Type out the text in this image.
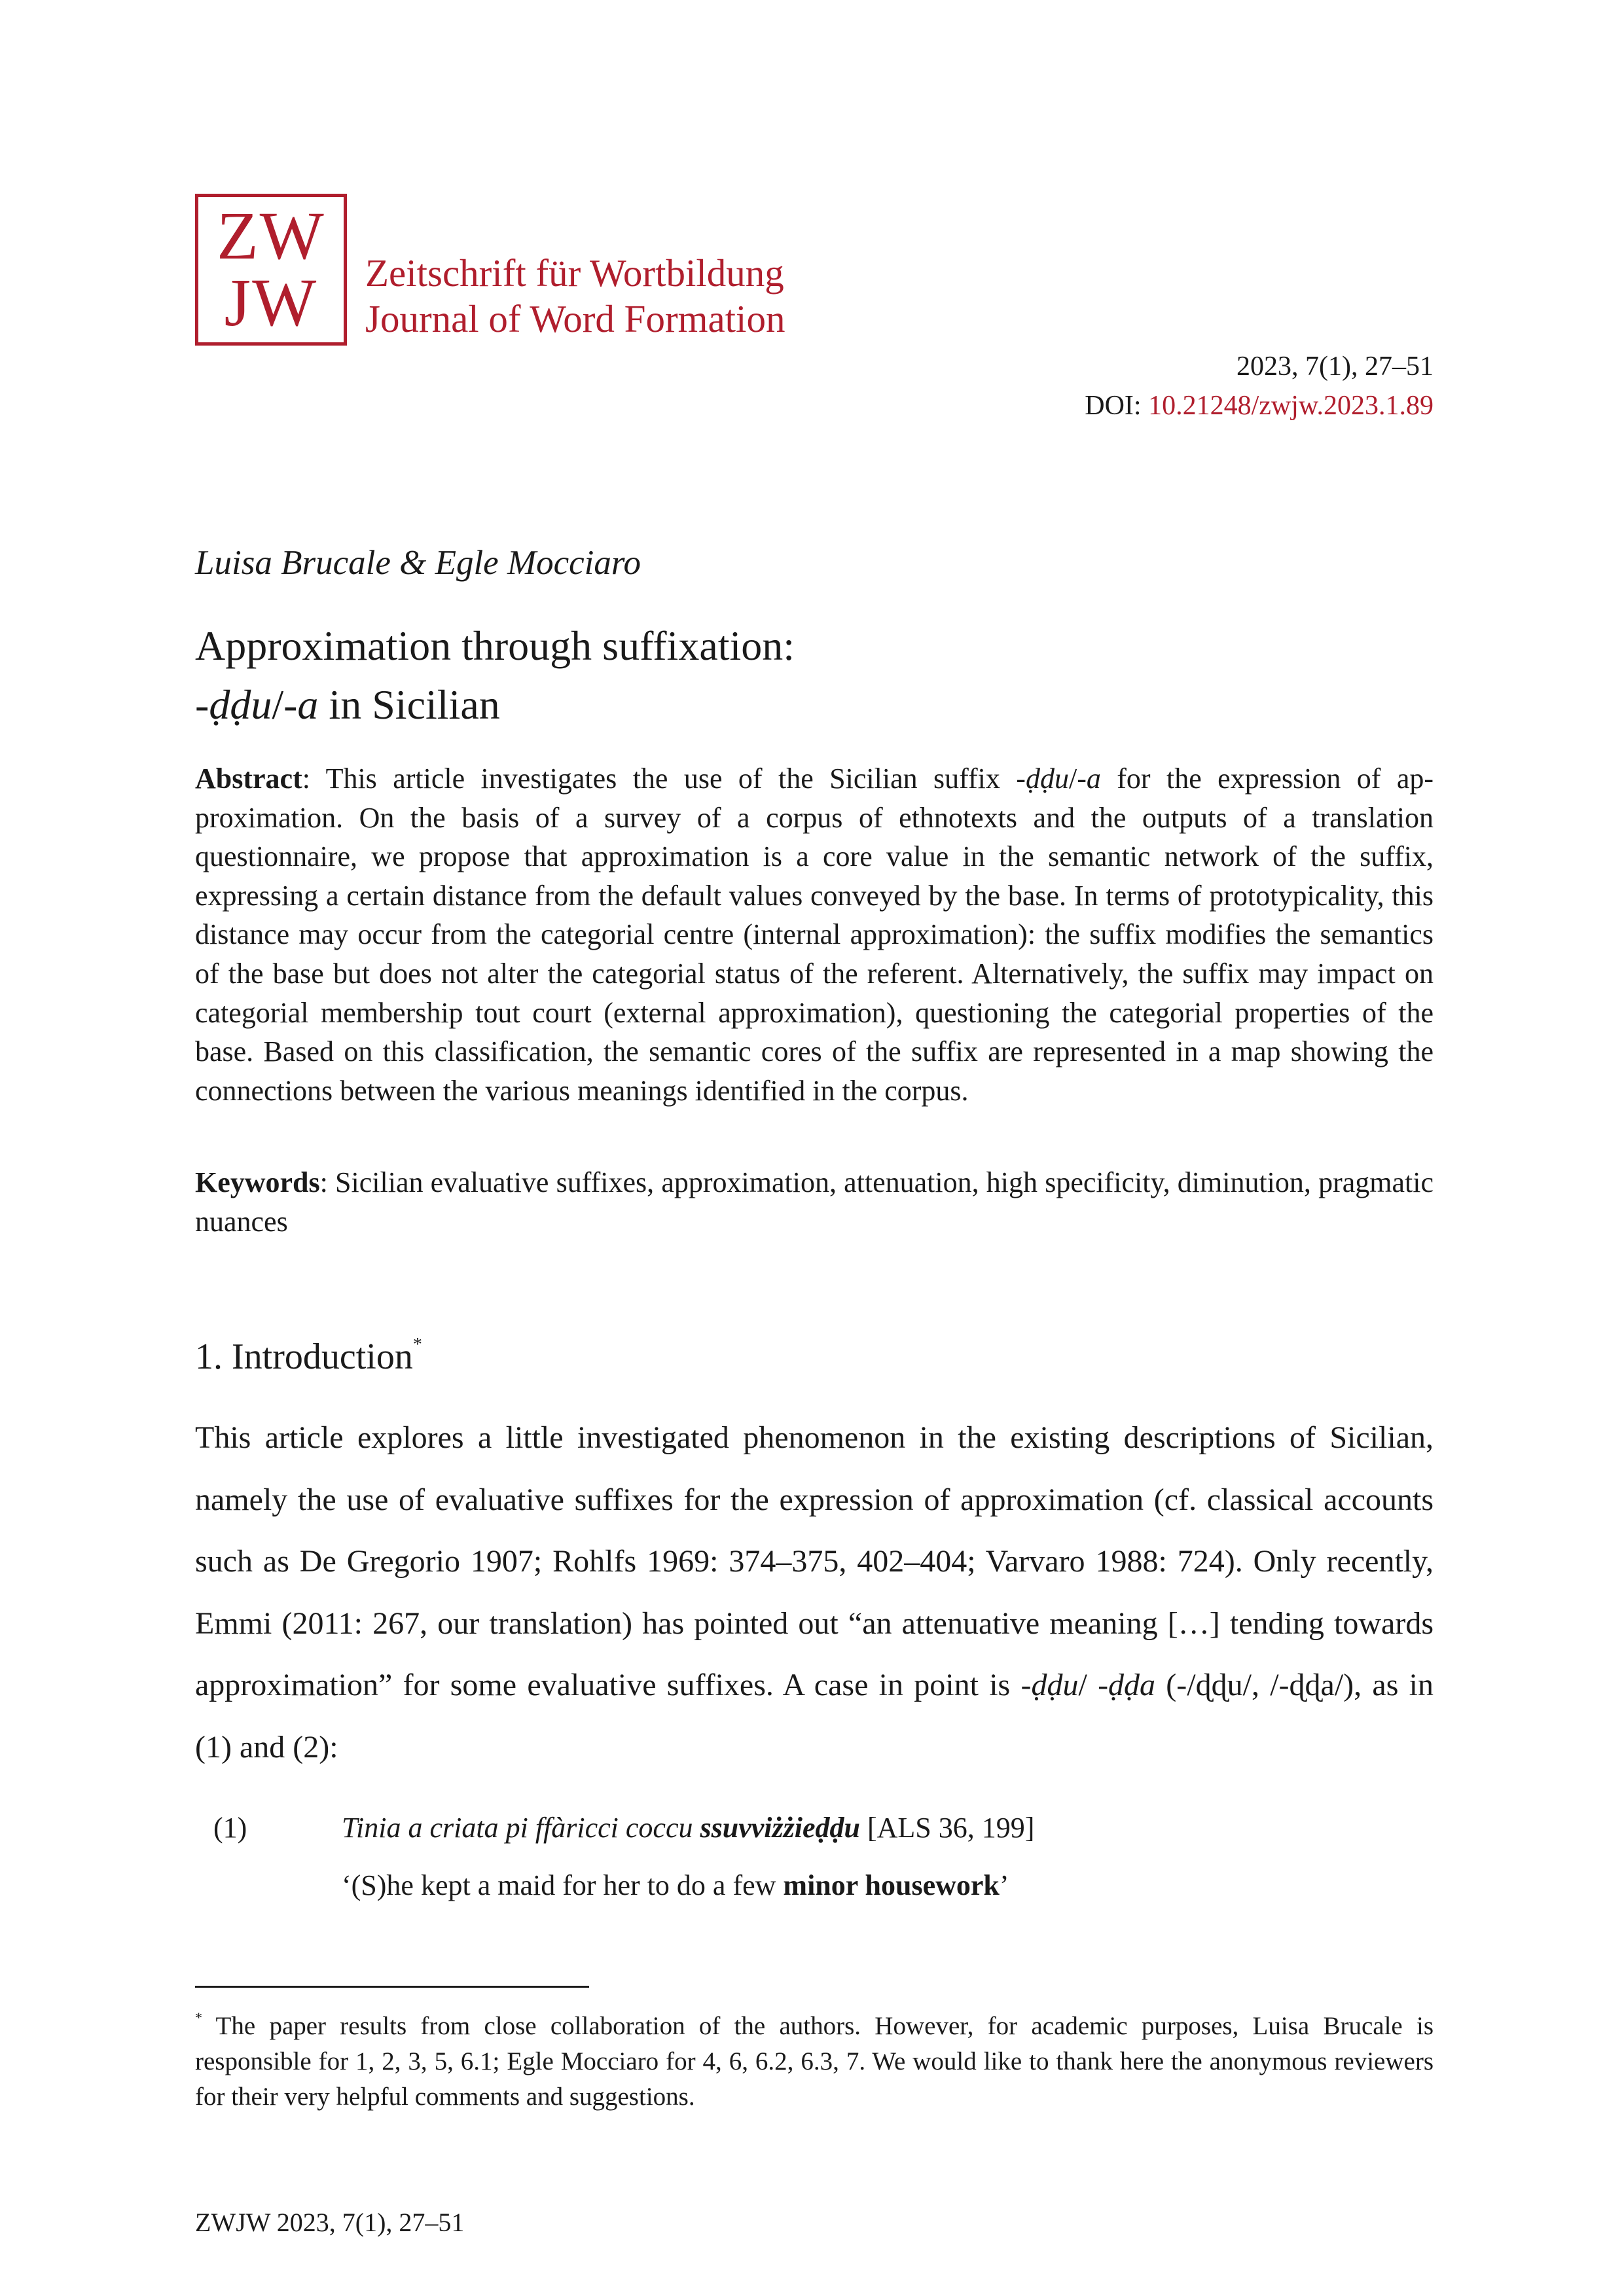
ZW
JW	Zeitschrift für Wortbildung
Journal of Word Formation
2023, 7(1), 27–51
DOI: 10.21248/zwjw.2023.1.89
Luisa Brucale & Egle Mocciaro
Approximation through suffixation:
-ḍḍu/-a in Sicilian

Abstract: This article investigates the use of the Sicilian suffix -ḍḍu/-a for the expression of approximation. On the basis of a survey of a corpus of ethnotexts and the outputs of a translation questionnaire, we propose that approximation is a core value in the semantic network of the suffix, expressing a certain distance from the default values conveyed by the base. In terms of prototypicality, this distance may occur from the categorial centre (internal approximation): the suffix modifies the semantics of the base but does not alter the categorial status of the referent. Alternatively, the suffix may impact on categorial membership tout court (external approximation), questioning the categorial properties of the base. Based on this classification, the semantic cores of the suffix are represented in a map showing the connections between the various meanings identified in the corpus.

Keywords: Sicilian evaluative suffixes, approximation, attenuation, high specificity, diminution, pragmatic nuances

1. Introduction*

This article explores a little investigated phenomenon in the existing descriptions of Sicilian, namely the use of evaluative suffixes for the expression of approximation (cf. classical accounts such as De Gregorio 1907; Rohlfs 1969: 374–375, 402–404; Varvaro 1988: 724). Only recently, Emmi (2011: 267, our translation) has pointed out “an attenuative meaning […] tending towards approximation” for some evaluative suffixes. A case in point is -ḍḍu/ -ḍḍa (-/ɖɖu/, /-ɖɖa/), as in (1) and (2):

(1)	Tinia a criata pi ffàricci coccu ssuvviżżieḍḍu [ALS 36, 199]
‘(S)he kept a maid for her to do a few minor housework’

* The paper results from close collaboration of the authors. However, for academic purposes, Luisa Brucale is responsible for 1, 2, 3, 5, 6.1; Egle Mocciaro for 4, 6, 6.2, 6.3, 7. We would like to thank here the anonymous reviewers for their very helpful comments and suggestions.

ZWJW 2023, 7(1), 27–51
